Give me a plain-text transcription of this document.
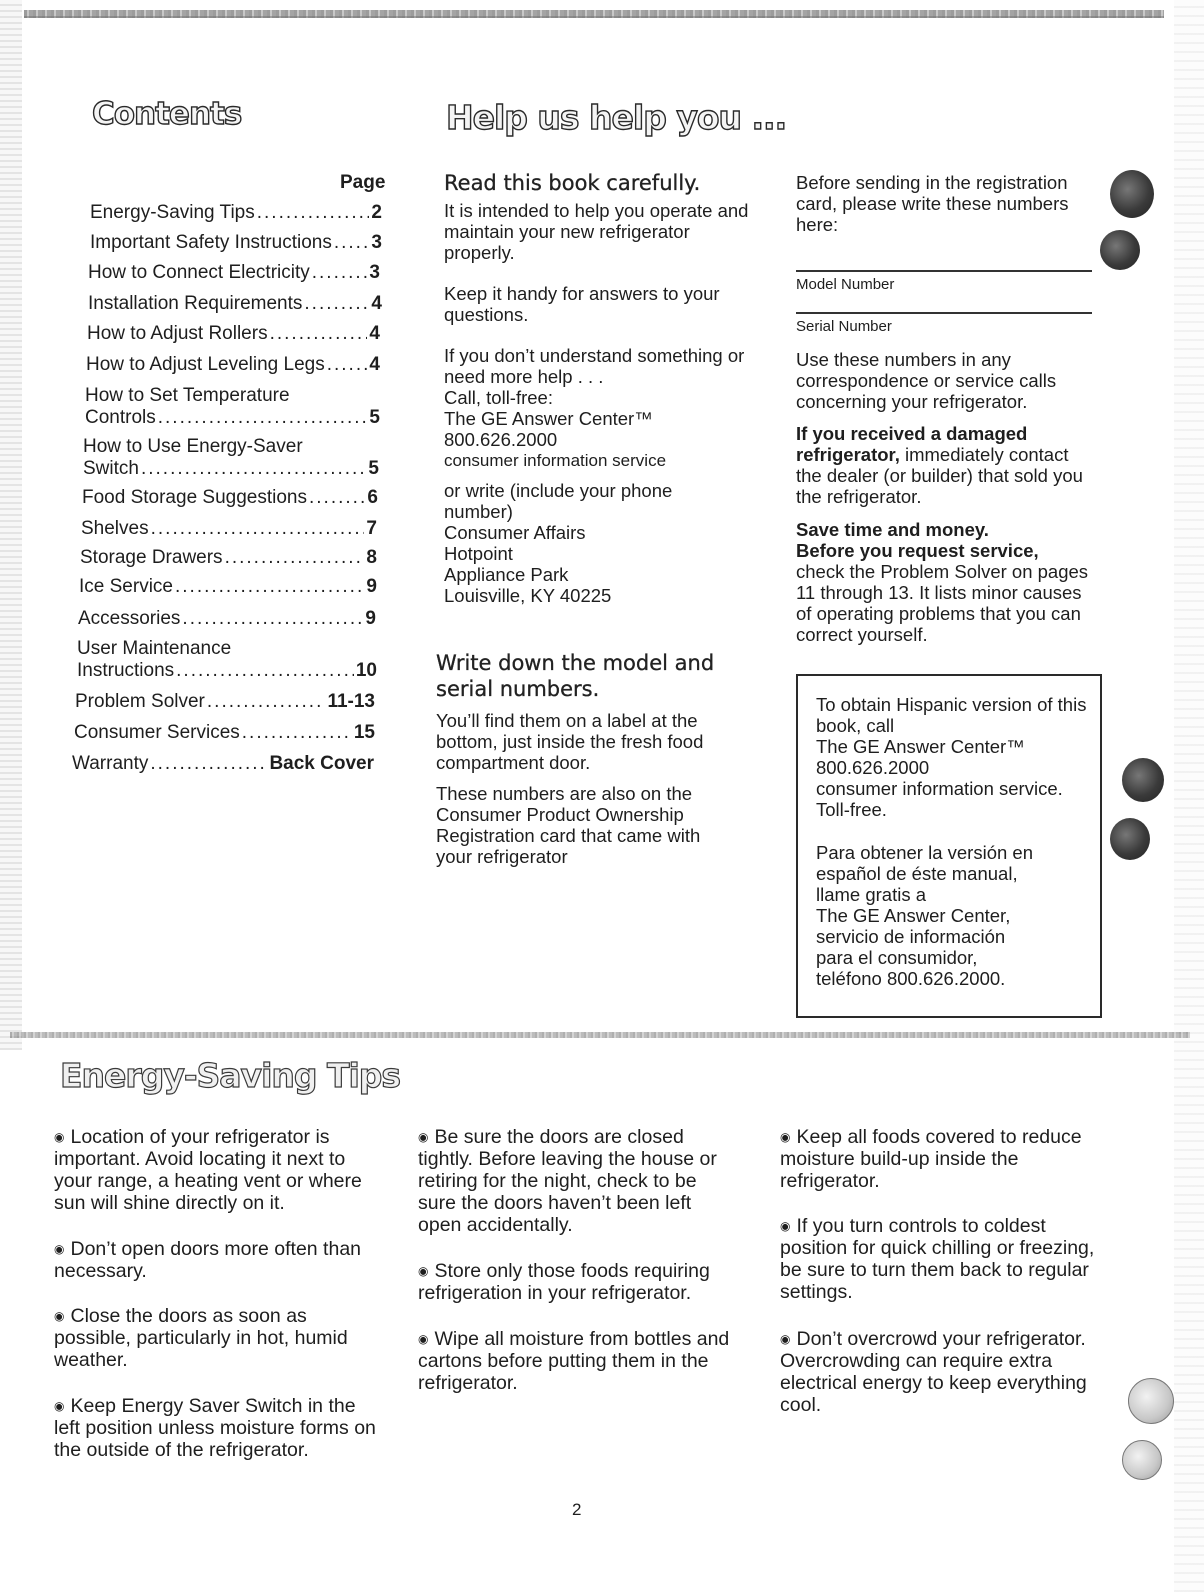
Contents
Page
Energy-Saving Tips .....	2
Important Safety Instructions ..... 3
How to Connect Electricity .....	3
Installation Requirements .....	4
How to Adjust Rollers .....	4
How to Adjust Leveling Legs ..... 4
How to Set Temperature
Controls .....	5
How to Use Energy-Saver
Switch .....	5
Food Storage Suggestions .....	6
Shelves .....	7
Storage Drawers .....	8
Ice Service .....	9
Accessories .....	9
User Maintenance
Instructions .....	10
Problem Solver .....	11-13
Consumer Services .....	15
Warranty .....	Back Cover
Help us help you ...

Read this book carefully.

It is intended to help you operate and maintain your new refrigerator properly.

Keep it handy for answers to your questions.

If you don’t understand something or need more help . . .

Call, toll-free:

The GE Answer Center™

800.626.2000

consumer information service

or write (include your phone number)

Consumer Affairs

Hotpoint

Appliance Park

Louisville, KY 40225

Write down the model and serial numbers.

You’ll find them on a label at the bottom, just inside the fresh food compartment door.

These numbers are also on the Consumer Product Ownership Registration card that came with your refrigerator

Before sending in the registration card, please write these numbers here:

Model Number
Serial Number

Use these numbers in any correspondence or service calls concerning your refrigerator.

If you received a damaged refrigerator, immediately contact the dealer (or builder) that sold you the refrigerator.

Save time and money.

Before you request service, check the Problem Solver on pages 11 through 13. It lists minor causes of operating problems that you can correct yourself.

To obtain Hispanic version of this book, call

The GE Answer Center™

800.626.2000

consumer information service.

Toll-free.

Para obtener la versión en español de éste manual, llame gratis a

The GE Answer Center,

servicio de información para el consumidor,

teléfono 800.626.2000.

Energy-Saving Tips

◉ Location of your refrigerator is important. Avoid locating it next to your range, a heating vent or where sun will shine directly on it.

◉ Don’t open doors more often than necessary.

◉ Close the doors as soon as possible, particularly in hot, humid weather.

◉ Keep Energy Saver Switch in the left position unless moisture forms on the outside of the refrigerator.

◉ Be sure the doors are closed tightly. Before leaving the house or retiring for the night, check to be sure the doors haven’t been left open accidentally.

◉ Store only those foods requiring refrigeration in your refrigerator.

◉ Wipe all moisture from bottles and cartons before putting them in the refrigerator.

◉ Keep all foods covered to reduce moisture build-up inside the refrigerator.

◉ If you turn controls to coldest position for quick chilling or freezing, be sure to turn them back to regular settings.

◉ Don’t overcrowd your refrigerator. Overcrowding can require extra electrical energy to keep everything cool.

2
